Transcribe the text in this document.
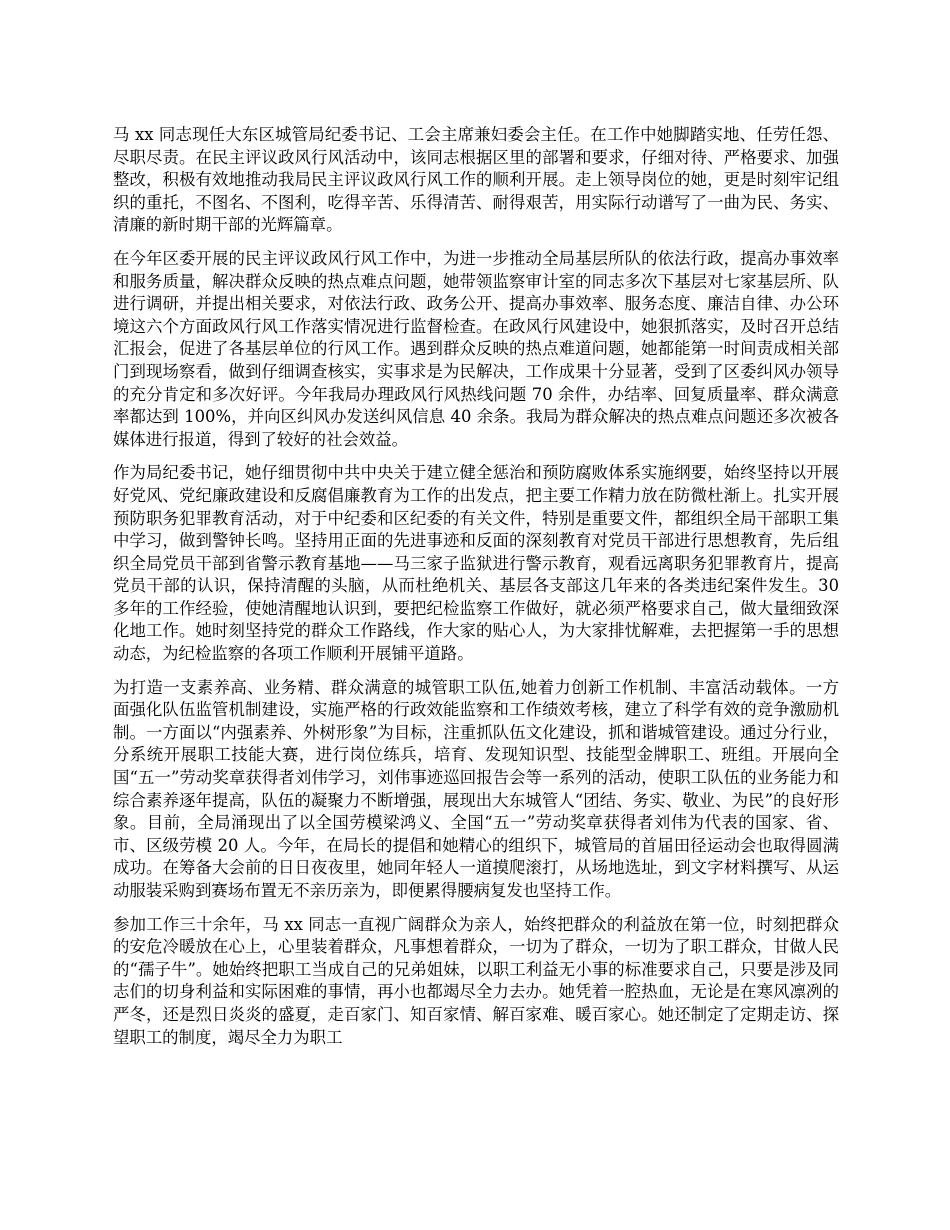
马 xx 同志现任大东区城管局纪委书记、工会主席兼妇委会主任。在工作中她脚踏实地、任劳任怨、尽职尽责。在民主评议政风行风活动中，该同志根据区里的部署和要求，仔细对待、严格要求、加强整改，积极有效地推动我局民主评议政风行风工作的顺利开展。走上领导岗位的她，更是时刻牢记组织的重托，不图名、不图利，吃得辛苦、乐得清苦、耐得艰苦，用实际行动谱写了一曲为民、务实、清廉的新时期干部的光辉篇章。

在今年区委开展的民主评议政风行风工作中，为进一步推动全局基层所队的依法行政，提高办事效率和服务质量，解决群众反映的热点难点问题，她带领监察审计室的同志多次下基层对七家基层所、队进行调研，并提出相关要求，对依法行政、政务公开、提高办事效率、服务态度、廉洁自律、办公环境这六个方面政风行风工作落实情况进行监督检查。在政风行风建设中，她狠抓落实，及时召开总结汇报会，促进了各基层单位的行风工作。遇到群众反映的热点难道问题，她都能第一时间责成相关部门到现场察看，做到仔细调查核实，实事求是为民解决，工作成果十分显著，受到了区委纠风办领导的充分肯定和多次好评。今年我局办理政风行风热线问题 70 余件，办结率、回复质量率、群众满意率都达到 100%，并向区纠风办发送纠风信息 40 余条。我局为群众解决的热点难点问题还多次被各媒体进行报道，得到了较好的社会效益。

作为局纪委书记，她仔细贯彻中共中央关于建立健全惩治和预防腐败体系实施纲要，始终坚持以开展好党风、党纪廉政建设和反腐倡廉教育为工作的出发点，把主要工作精力放在防微杜渐上。扎实开展预防职务犯罪教育活动，对于中纪委和区纪委的有关文件，特别是重要文件，都组织全局干部职工集中学习，做到警钟长鸣。坚持用正面的先进事迹和反面的深刻教育对党员干部进行思想教育，先后组织全局党员干部到省警示教育基地——马三家子监狱进行警示教育，观看远离职务犯罪教育片，提高党员干部的认识，保持清醒的头脑，从而杜绝机关、基层各支部这几年来的各类违纪案件发生。30 多年的工作经验，使她清醒地认识到，要把纪检监察工作做好，就必须严格要求自己，做大量细致深化地工作。她时刻坚持党的群众工作路线，作大家的贴心人，为大家排忧解难，去把握第一手的思想动态，为纪检监察的各项工作顺利开展铺平道路。

为打造一支素养高、业务精、群众满意的城管职工队伍,她着力创新工作机制、丰富活动载体。一方面强化队伍监管机制建设，实施严格的行政效能监察和工作绩效考核，建立了科学有效的竞争激励机制。一方面以“内强素养、外树形象”为目标，注重抓队伍文化建设，抓和谐城管建设。通过分行业，分系统开展职工技能大赛，进行岗位练兵，培育、发现知识型、技能型金牌职工、班组。开展向全国“五一”劳动奖章获得者刘伟学习，刘伟事迹巡回报告会等一系列的活动，使职工队伍的业务能力和综合素养逐年提高，队伍的凝聚力不断增强，展现出大东城管人“团结、务实、敬业、为民”的良好形象。目前，全局涌现出了以全国劳模梁鸿义、全国“五一”劳动奖章获得者刘伟为代表的国家、省、市、区级劳模 20 人。今年，在局长的提倡和她精心的组织下，城管局的首届田径运动会也取得圆满成功。在筹备大会前的日日夜夜里，她同年轻人一道摸爬滚打，从场地选址，到文字材料撰写、从运动服装采购到赛场布置无不亲历亲为，即便累得腰病复发也坚持工作。

参加工作三十余年，马 xx 同志一直视广阔群众为亲人，始终把群众的利益放在第一位，时刻把群众的安危冷暖放在心上，心里装着群众，凡事想着群众，一切为了群众，一切为了职工群众，甘做人民的“孺子牛”。她始终把职工当成自己的兄弟姐妹，以职工利益无小事的标准要求自己，只要是涉及同志们的切身利益和实际困难的事情，再小也都竭尽全力去办。她凭着一腔热血，无论是在寒风凛冽的严冬，还是烈日炎炎的盛夏，走百家门、知百家情、解百家难、暖百家心。她还制定了定期走访、探望职工的制度，竭尽全力为职工
